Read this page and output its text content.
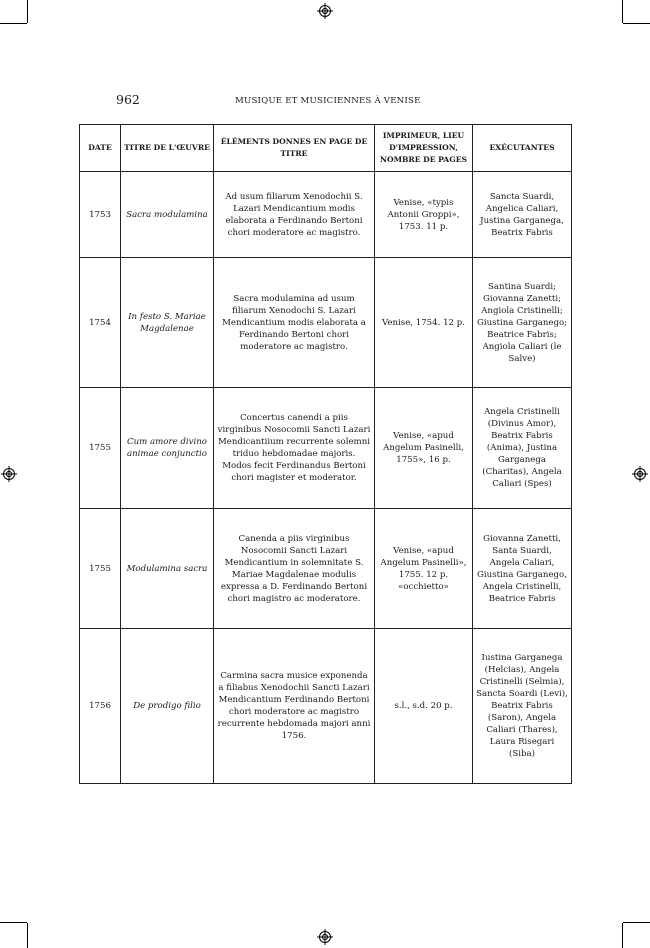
962	MUSIQUE ET MUSICIENNES À VENISE
DATE	TITRE DE L'ŒUVRE	ÉLÉMENTS DONNES EN PAGE DE TITRE	IMPRIMEUR, LIEU D'IMPRESSION, NOMBRE DE PAGES	EXÉCUTANTES
1753	Sacra modulamina	Ad usum filiarum Xenodochii S. Lazari Mendicantium modis elaborata a Ferdinando Bertoni chori moderatore ac magistro.	Venise, «typis Antonii Groppi», 1753. 11 p.	Sancta Suardi, Angelica Caliari, Justina Garganega, Beatrix Fabris
1754	In festo S. Mariae Magdalenae	Sacra modulamina ad usum filiarum Xenodochi S. Lazari Mendicantium modis elaborata a Ferdinando Bertoni chori moderatore ac magistro.	Venise, 1754. 12 p.	Santina Suardi; Giovanna Zanetti; Angiola Cristinelli; Giustina Garganego; Beatrice Fabris; Angiola Caliari (le Salve)
1755	Cum amore divino animae conjunctio	Concertus canendi a piis virginibus Nosocomii Sancti Lazari Mendicantiium recurrente solemni triduo hebdomadae majoris. Modos fecit Ferdinandus Bertoni chori magister et moderator.	Venise, «apud Angelum Pasinelli, 1755», 16 p.	Angela Cristinelli (Divinus Amor), Beatrix Fabris (Anima), Justina Garganega (Charitas), Angela Caliari (Spes)
1755	Modulamina sacra	Canenda a piis virginibus Nosocomii Sancti Lazari Mendicantium in solemnitate S. Mariae Magdalenae modulis expressa a D. Ferdinando Bertoni chori magistro ac moderatore.	Venise, «apud Angelum Pasinelli», 1755. 12 p. «occhietto»	Giovanna Zanetti, Santa Suardi, Angela Caliari, Giustina Garganego, Angela Cristinelli, Beatrice Fabris
1756	De prodigo filio	Carmina sacra musice exponenda a filiabus Xenodochii Sancti Lazari Mendicantium Ferdinando Bertoni chori moderatore ac magistro recurrente hebdomada majori anni 1756.	s.l., s.d. 20 p.	Iustina Garganega (Helcias), Angela Cristinelli (Selmia), Sancta Soardi (Levi), Beatrix Fabris (Saron), Angela Caliari (Thares), Laura Risegari (Siba)
